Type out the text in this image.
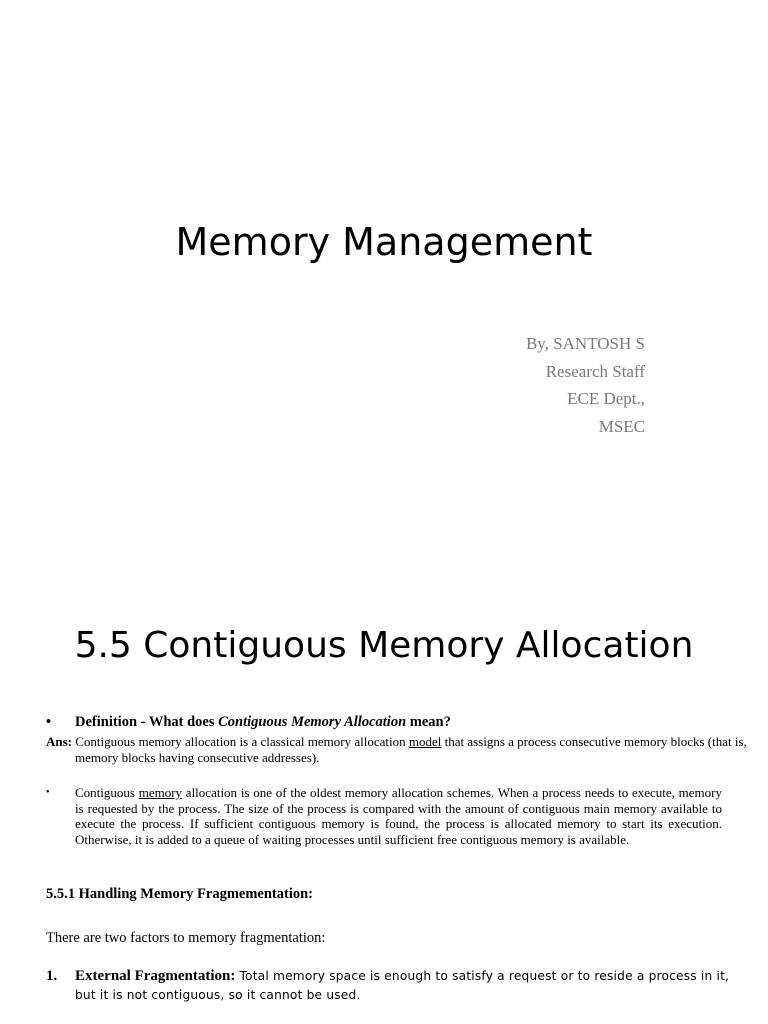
Memory Management
By, SANTOSH S
Research Staff
ECE Dept.,
MSEC
5.5 Contiguous Memory Allocation
• Definition - What does Contiguous Memory Allocation mean?
Ans: Contiguous memory allocation is a classical memory allocation model that assigns a process consecutive memory blocks (that is, memory blocks having consecutive addresses).
• Contiguous memory allocation is one of the oldest memory allocation schemes. When a process needs to execute, memory is requested by the process. The size of the process is compared with the amount of contiguous main memory available to execute the process. If sufficient contiguous memory is found, the process is allocated memory to start its execution. Otherwise, it is added to a queue of waiting processes until sufficient free contiguous memory is available.
5.5.1 Handling Memory Fragmementation:
There are two factors to memory fragmentation:
1. External Fragmentation: Total memory space is enough to satisfy a request or to reside a process in it, but it is not contiguous, so it cannot be used.
